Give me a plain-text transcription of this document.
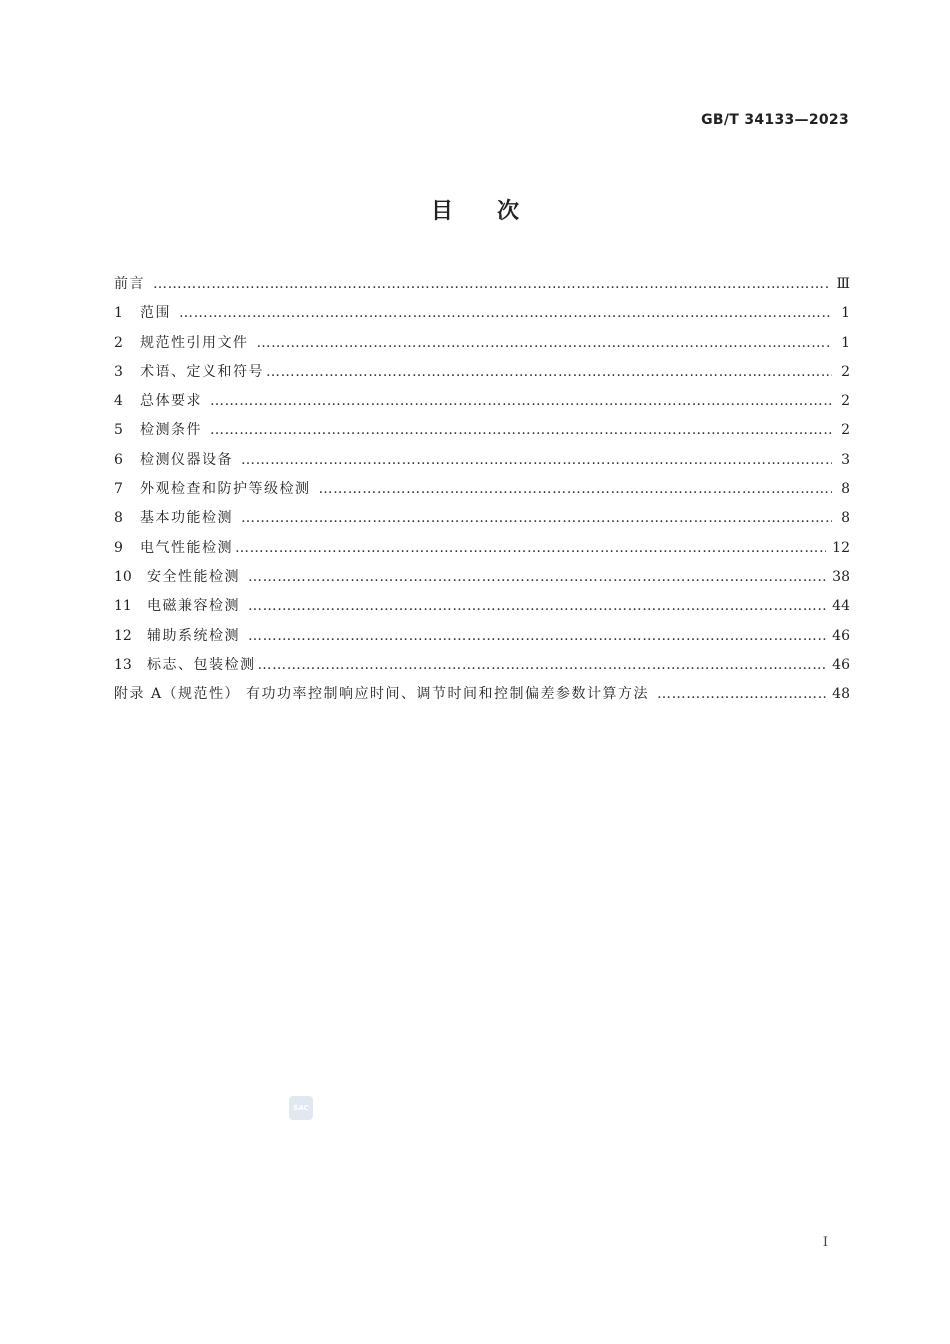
GB/T 34133—2023
目次
前言 …………………………………………………………………………………………………………………………………………………………………………………………	Ⅲ
1	范围 …………………………………………………………………………………………………………………………………………………………………………………………	1
2	规范性引用文件 …………………………………………………………………………………………………………………………………………………………………………………………	1
3	术语、定义和符号 …………………………………………………………………………………………………………………………………………………………………………………………	2
4	总体要求 …………………………………………………………………………………………………………………………………………………………………………………………	2
5	检测条件 …………………………………………………………………………………………………………………………………………………………………………………………	2
6	检测仪器设备 …………………………………………………………………………………………………………………………………………………………………………………………	3
7	外观检查和防护等级检测 …………………………………………………………………………………………………………………………………………………………………………………………	8
8	基本功能检测 …………………………………………………………………………………………………………………………………………………………………………………………	8
9	电气性能检测 …………………………………………………………………………………………………………………………………………………………………………………………	12
10	安全性能检测 …………………………………………………………………………………………………………………………………………………………………………………………	38
11	电磁兼容检测 …………………………………………………………………………………………………………………………………………………………………………………………	44
12	辅助系统检测 …………………………………………………………………………………………………………………………………………………………………………………………	46
13	标志、包装检测 …………………………………………………………………………………………………………………………………………………………………………………………	46
附录 A（规范性） 有功功率控制响应时间、调节时间和控制偏差参数计算方法 …………………………………………………………………………………………………………………………………………………………………………………………	48
SAC
I
